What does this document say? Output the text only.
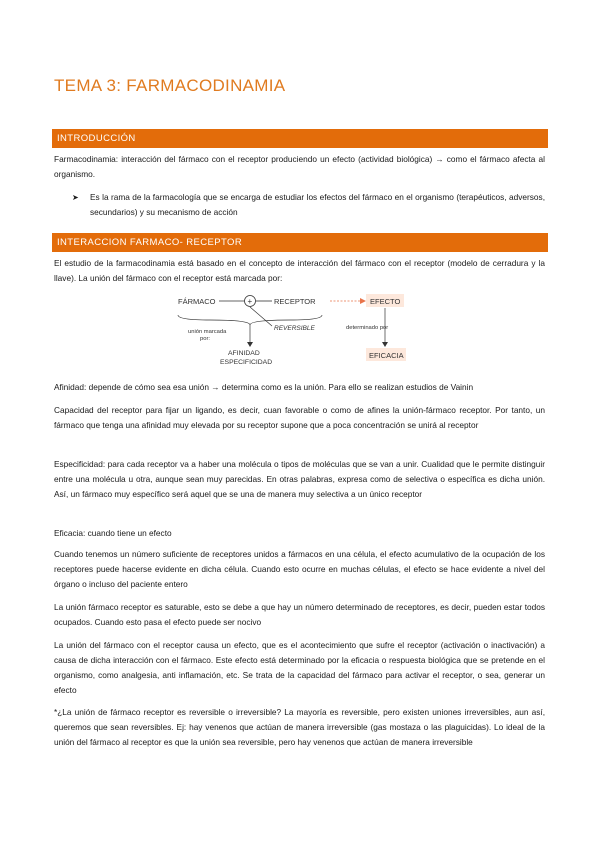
TEMA 3: FARMACODINAMIA
INTRODUCCIÓN
Farmacodinamia: interacción del fármaco con el receptor produciendo un efecto (actividad biológica) → como el fármaco afecta al organismo.
➤ Es la rama de la farmacología que se encarga de estudiar los efectos del fármaco en el organismo (terapéuticos, adversos, secundarios) y su mecanismo de acción
INTERACCION FARMACO- RECEPTOR
El estudio de la farmacodinamia está basado en el concepto de interacción del fármaco con el receptor (modelo de cerradura y la llave). La unión del fármaco con el receptor está marcada por:
FÁRMACO	+	RECEPTOR
REVERSIBLE
unión marcada
por:
AFINIDAD
ESPECIFICIDAD
EFECTO
determinado por
EFICACIA
Afinidad: depende de cómo sea esa unión → determina como es la unión. Para ello se realizan estudios de Vainin
Capacidad del receptor para fijar un ligando, es decir, cuan favorable o como de afines la unión-fármaco receptor. Por tanto, un fármaco que tenga una afinidad muy elevada por su receptor supone que a poca concentración se unirá al receptor
Especificidad: para cada receptor va a haber una molécula o tipos de moléculas que se van a unir. Cualidad que le permite distinguir entre una molécula u otra, aunque sean muy parecidas. En otras palabras, expresa como de selectiva o específica es dicha unión. Así, un fármaco muy específico será aquel que se una de manera muy selectiva a un único receptor
Eficacia: cuando tiene un efecto
Cuando tenemos un número suficiente de receptores unidos a fármacos en una célula, el efecto acumulativo de la ocupación de los receptores puede hacerse evidente en dicha célula. Cuando esto ocurre en muchas células, el efecto se hace evidente a nivel del órgano o incluso del paciente entero
La unión fármaco receptor es saturable, esto se debe a que hay un número determinado de receptores, es decir, pueden estar todos ocupados. Cuando esto pasa el efecto puede ser nocivo
La unión del fármaco con el receptor causa un efecto, que es el acontecimiento que sufre el receptor (activación o inactivación) a causa de dicha interacción con el fármaco. Este efecto está determinado por la eficacia o respuesta biológica que se pretende en el organismo, como analgesia, anti inflamación, etc. Se trata de la capacidad del fármaco para activar el receptor, o sea, generar un efecto
*¿La unión de fármaco receptor es reversible o irreversible? La mayoría es reversible, pero existen uniones irreversibles, aun así, queremos que sean reversibles. Ej: hay venenos que actúan de manera irreversible (gas mostaza o las plaguicidas). Lo ideal de la unión del fármaco al receptor es que la unión sea reversible, pero hay venenos que actúan de manera irreversible
